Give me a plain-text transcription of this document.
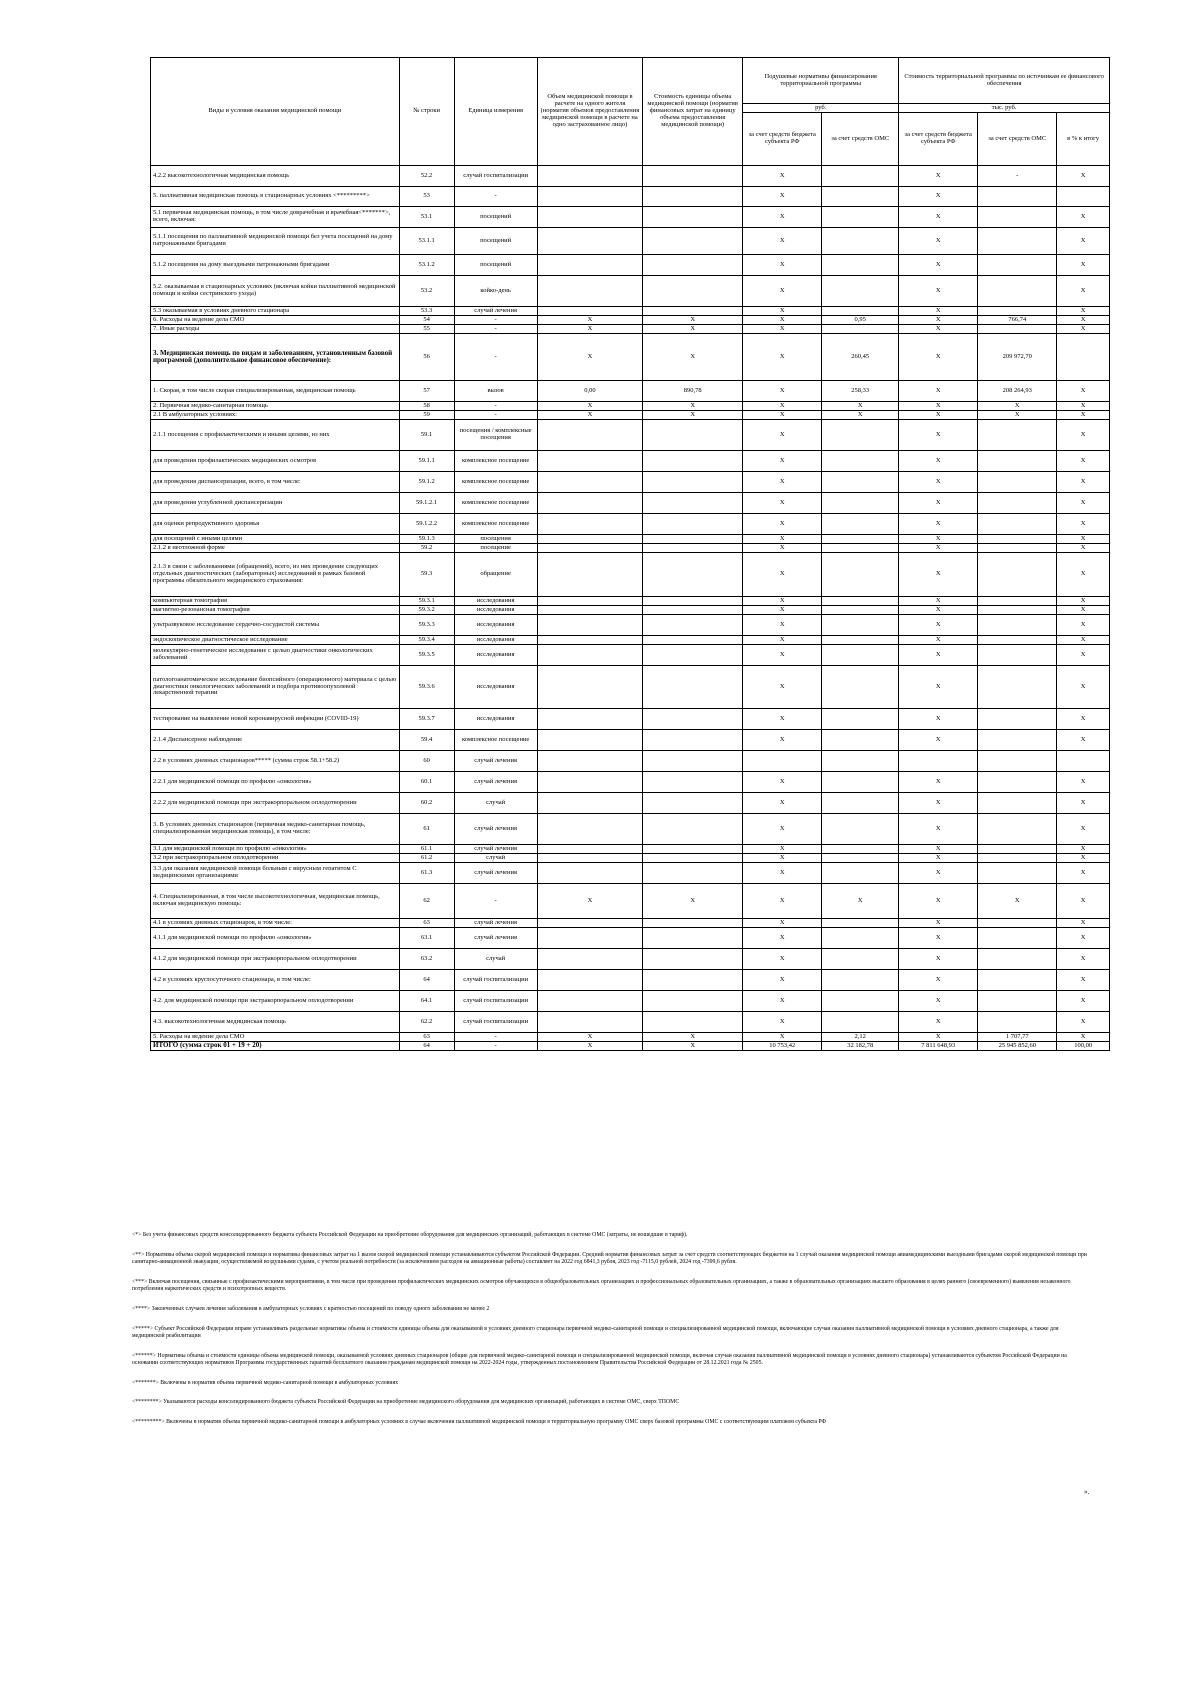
Виды и условия оказания медицинской помощи	№ строки	Единица измерения	Объем медицинской помощи в расчете на одного жителя (норматив объемов предоставления медицинской помощи в расчете на одно застрахованное лицо)	Стоимость единицы объема медицинской помощи (норматив финансовых затрат на единицу объема предоставления медицинской помощи)	Подушевые нормативы финансирования территориальной программы		Стоимость территориальной программы по источникам ее финансового обеспечения		
					руб.		тыс. руб.		
					за счет средств бюджета субъекта РФ	за счет средств ОМС	за счет средств бюджета субъекта РФ	за счет средств ОМС	в % к итогу
4.2.2 высокотехнологичная медицинская помощь	52.2	случай госпитализации			X		X	-	X
5. паллиативная медицинская помощь в стационарных условиях <*********>	53	-			X		X		
5.1 первичная медицинская помощь, в том числе доврачебная и врачебная<*******>, всего, включая:	53.1	посещений			X		X		X
5.1.1 посещения по паллиативной медицинской помощи без учета посещений на дому патронажными бригадами	53.1.1	посещений			X		X		X
5.1.2 посещения на дому выездными патронажными бригадами	53.1.2	посещений			X		X		X
5.2. оказываемая в стационарных условиях (включая койки паллиативной медицинской помощи и койки сестринского ухода)	53.2	койко-день			X		X		X
5.3 оказываемая в условиях дневного стационара	53.3	случай лечения			X		X		X
6. Расходы на ведение дела СМО	54	-	X	X	X	0,95	X	766,74	X
7. Иные расходы	55	-	X	X	X		X		X
3. Медицинская помощь по видам и заболеваниям, установленным базовой программой (дополнительное финансовое обеспечение):	56	-	X	X	X	260,45	X	209 972,70	
1. Скорая, в том числе скорая специализированная, медицинская помощь	57	вызов	0,00	890,78	X	258,33	X	208 264,93	X
2. Первичная медико-санитарная помощь	58	-	X	X	X	X	X	X	X
2.1 В амбулаторных условиях:	59	-	X	X	X	X	X	X	X
2.1.1 посещения с профилактическими и иными целями, из них	59.1	посещения / комплексные посещения			X		X		X
для проведения профилактических медицинских осмотров	59.1.1	комплексное посещение			X		X		X
для проведения диспансеризации, всего, в том числе:	59.1.2	комплексное посещение			X		X		X
для проведения углубленной диспансеризации	59.1.2.1	комплексное посещение			X		X		X
для оценки репродуктивного здоровья	59.1.2.2	комплексное посещение			X		X		X
для посещений с иными целями	59.1.3	посещения			X		X		X
2.1.2 в неотложной форме	59.2	посещение			X		X		X
2.1.3 в связи с заболеваниями (обращений), всего, из них проведение следующих отдельных диагностических (лабораторных) исследований в рамках базовой программы обязательного медицинского страхования:	59.3	обращение			X		X		X
компьютерная томография	59.3.1	исследования			X		X		X
магнитно-резонансная томография	59.3.2	исследования			X		X		X
ультразвуковое исследование сердечно-сосудистой системы	59.3.3	исследования			X		X		X
эндоскопическое диагностическое исследование	59.3.4	исследования			X		X		X
молекулярно-генетическое исследование с целью диагностики онкологических заболеваний	59.3.5	исследования			X		X		X
патологоанатомическое исследование биопсийного (операционного) материала с целью диагностики онкологических заболеваний и подбора противоопухолевой лекарственной терапии	59.3.6	исследования			X		X		X
тестирование на выявление новой коронавирусной инфекции (COVID-19)	59.3.7	исследования			X		X		X
2.1.4 Диспансерное наблюдение	59.4	комплексное посещение			X		X		X
2.2 в условиях дневных стационаров***** (сумма строк 58.1+58.2)	60	случай лечения							
2.2.1 для медицинской помощи по профилю «онкология»	60.1	случай лечения			X		X		X
2.2.2 для медицинской помощи при экстракорпоральном оплодотворении	60.2	случай			X		X		X
3. В условиях дневных стационаров (первичная медико-санитарная помощь, специализированная медицинская помощь), в том числе:	61	случай лечения			X		X		X
3.1 для медицинской помощи по профилю «онкология»	61.1	случай лечения			X		X		X
3.2 при экстракорпоральном оплодотворении	61.2	случай			X		X		X
3.3 для оказания медицинской помощи больным с вирусным гепатитом С медицинскими организациями	61.3	случай лечения			X		X		X
4. Специализированная, в том числе высокотехнологичная, медицинская помощь, включая медицинскую помощь:	62	-	X	X	X	X	X	X	X
4.1 в условиях дневных стационаров, в том числе:	63	случай лечения			X		X		X
4.1.1 для медицинской помощи по профилю «онкология»	63.1	случай лечения			X		X		X
4.1.2 для медицинской помощи при экстракорпоральном оплодотворении	63.2	случай			X		X		X
4.2 в условиях круглосуточного стационара, в том числе:	64	случай госпитализации			X		X		X
4.2. для медицинской помощи при экстракорпоральном оплодотворении	64.1	случай госпитализации			X		X		X
4.3. высокотехнологичная медицинская помощь	62.2	случай госпитализации			X		X		X
5. Расходы на ведение дела СМО	63	-	X	X	X	2,12	X	1 707,77	X
ИТОГО (сумма строк 01 + 19 + 20)	64	-	X	X	10 753,42	32 182,78	7 811 648,93	25 945 852,60	100,00

<*> Без учета финансовых средств консолидированного бюджета субъекта Российской Федерации на приобретение оборудования для медицинских организаций, работающих в системе ОМС (затраты, не вошедшие в тариф).

<**> Нормативы объема скорой медицинской помощи и нормативы финансовых затрат на 1 вызов скорой медицинской помощи устанавливаются субъектом Российской Федерации. Средний норматив финансовых затрат за счет средств соответствующих бюджетов на 1 случай оказания медицинской помощи авиамедицинскими выездными бригадами скорой медицинской помощи при санитарно-авиационной эвакуации, осуществляемой воздушными судами, с учетом реальной потребности (за исключением расходов на авиационные работы) составляет на 2022 год 6841,3 рубля, 2023 год -7115,0 рублей, 2024 год -7399,6 рубля.

<***> Включая посещения, связанные с профилактическими мероприятиями, в том числе при проведении профилактических медицинских осмотров обучающихся в общеобразовательных организациях и профессиональных образовательных организациях, а также в образовательных организациях высшего образования в целях раннего (своевременного) выявления незаконного потребления наркотических средств и психотропных веществ.

<****> Законченных случаев лечения заболевания в амбулаторных условиях с кратностью посещений по поводу одного заболевания не менее 2

<*****> Субъект Российской Федерации вправе устанавливать раздельные нормативы объема и стоимости единицы объема для оказываемой в условиях дневного стационара первичной медико-санитарной помощи и специализированной медицинской помощи, включающие случаи оказания паллиативной медицинской помощи в условиях дневного стационара, а также для медицинской реабилитации

<******> Нормативы объема и стоимости единицы объема медицинской помощи, оказываемой условиях дневных стационаров (общие для первичной медико-санитарной помощи и специализированной медицинской помощи, включая случаи оказания паллиативной медицинской помощи в условиях дневного стационара) устанавливаются субъектом Российской Федерации на основании соответствующих нормативов Программы государственных гарантий бесплатного оказания гражданам медицинской помощи на 2022-2024 годы, утвержденных постановлением Правительства Российской Федерации от 28.12.2021 года № 2505.

<*******> Включены в норматив объема первичной медико-санитарной помощи в амбулаторных условиях

<********> Указываются расходы консолидированного бюджета субъекта Российской Федерации на приобретение медицинского оборудования для медицинских организаций, работающих в системе ОМС, сверх ТПОМС

<*********> Включены в норматив объема первичной медико-санитарной помощи в амбулаторных условиях в случае включения паллиативной медицинской помощи в территориальную программу ОМС сверх базовой программы ОМС с соответствующим платежом субъекта РФ

».
